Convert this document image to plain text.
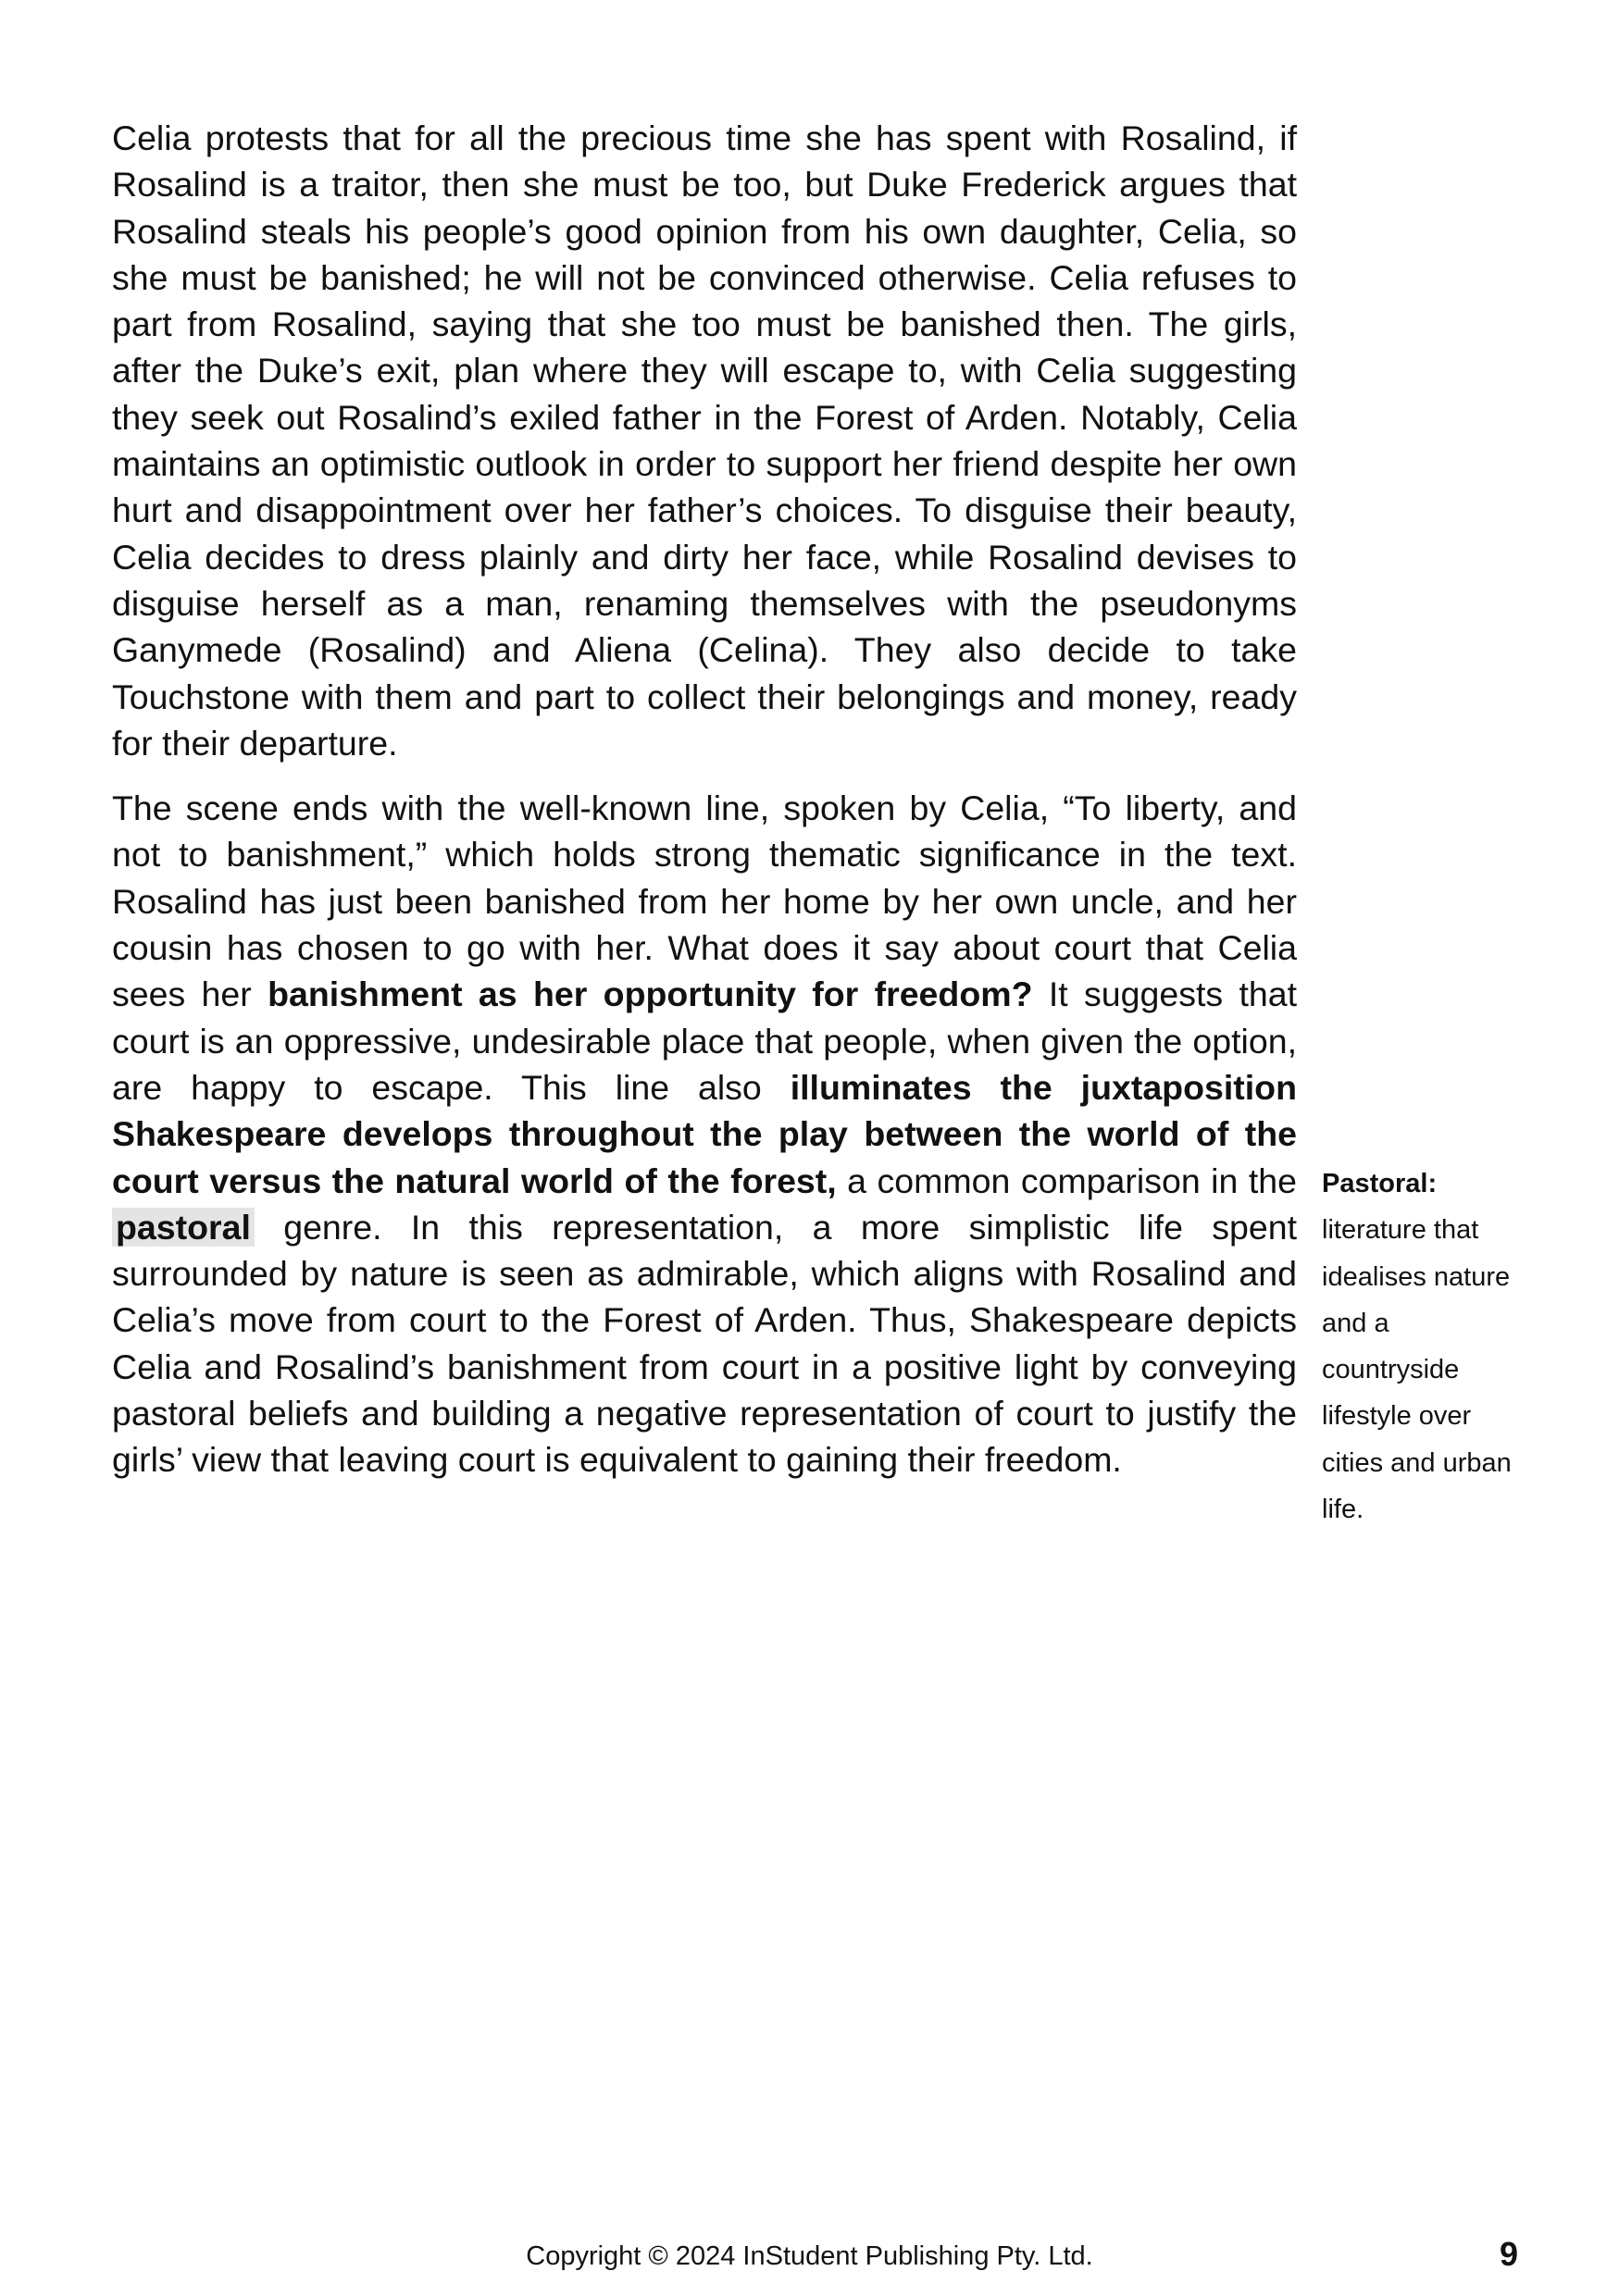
Celia protests that for all the precious time she has spent with Rosalind, if Rosalind is a traitor, then she must be too, but Duke Frederick argues that Rosalind steals his people’s good opinion from his own daughter, Celia, so she must be banished; he will not be convinced otherwise. Celia refuses to part from Rosalind, saying that she too must be banished then. The girls, after the Duke’s exit, plan where they will escape to, with Celia suggesting they seek out Rosalind’s exiled father in the Forest of Arden. Notably, Celia maintains an optimistic outlook in order to support her friend despite her own hurt and disappointment over her father’s choices. To disguise their beauty, Celia decides to dress plainly and dirty her face, while Rosalind devises to disguise herself as a man, renaming themselves with the pseudonyms Ganymede (Rosalind) and Aliena (Celina). They also decide to take Touchstone with them and part to collect their belongings and money, ready for their departure.

The scene ends with the well-known line, spoken by Celia, “To liberty, and not to banishment,” which holds strong thematic significance in the text. Rosalind has just been banished from her home by her own uncle, and her cousin has chosen to go with her. What does it say about court that Celia sees her banishment as her opportunity for freedom? It suggests that court is an oppressive, undesirable place that people, when given the option, are happy to escape. This line also illuminates the juxtaposition Shakespeare develops throughout the play between the world of the court versus the natural world of the forest, a common comparison in the pastoral genre. In this representation, a more simplistic life spent surrounded by nature is seen as admirable, which aligns with Rosalind and Celia’s move from court to the Forest of Arden. Thus, Shakespeare depicts Celia and Rosalind’s banishment from court in a positive light by conveying pastoral beliefs and building a negative representation of court to justify the girls’ view that leaving court is equivalent to gaining their freedom.

Pastoral:
literature that
idealises nature
and a
countryside
lifestyle over
cities and urban
life.
Copyright © 2024 InStudent Publishing Pty. Ltd.	9
